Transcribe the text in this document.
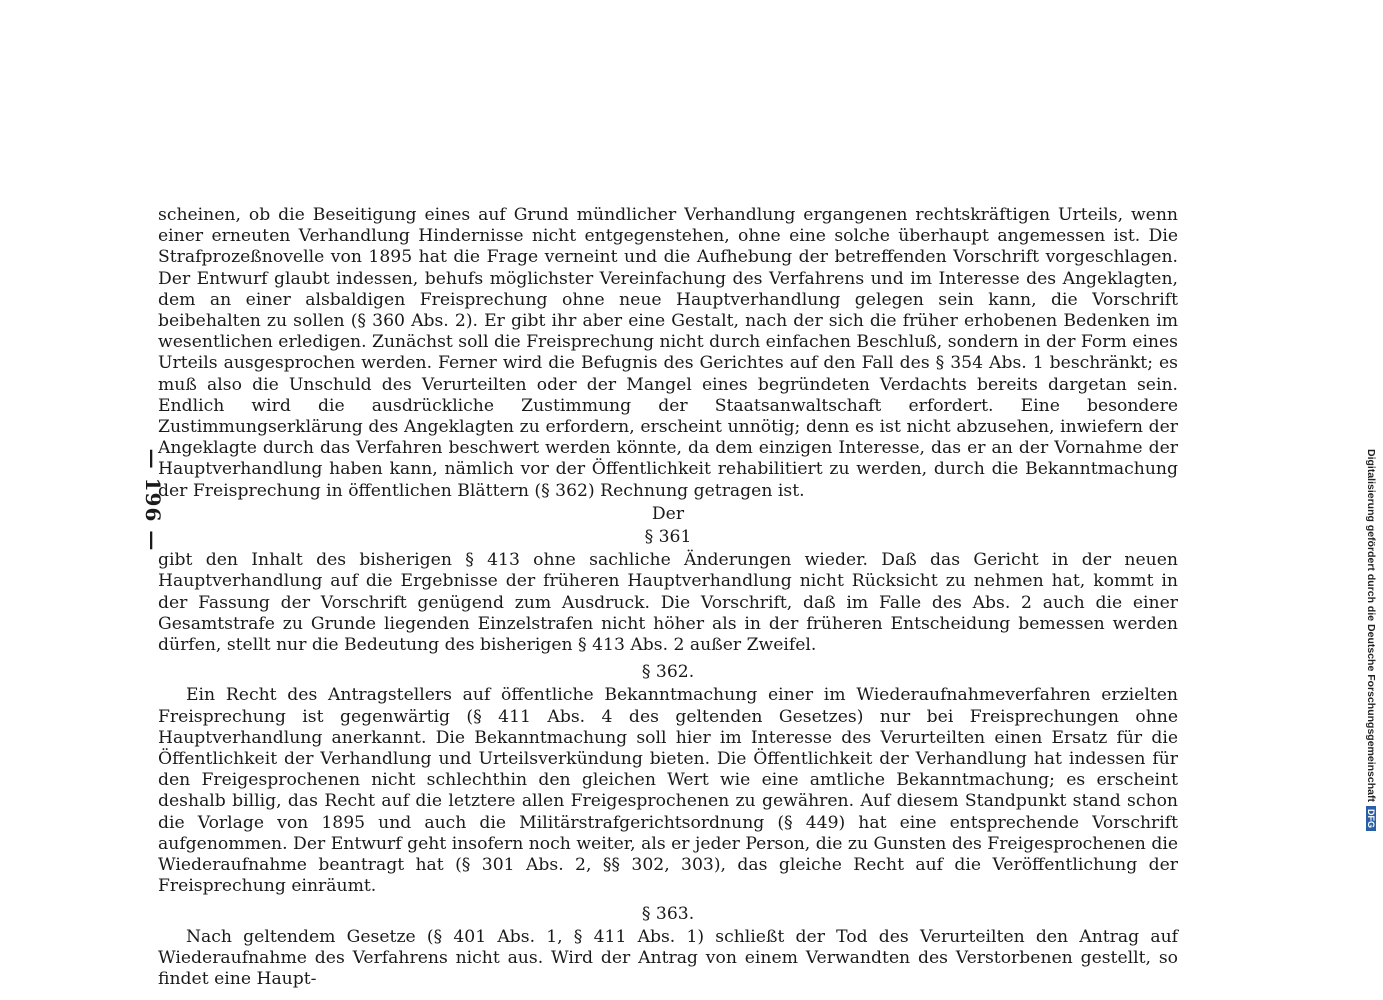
Digitalisierung gefördert durch die Deutsche ForschungsgemeinschaftDFG
— 196 —

scheinen, ob die Beseitigung eines auf Grund mündlicher Verhandlung ergangenen rechtskräftigen Urteils, wenn einer erneuten Verhandlung Hindernisse nicht entgegenstehen, ohne eine solche überhaupt angemessen ist. Die Strafprozeßnovelle von 1895 hat die Frage verneint und die Aufhebung der betreffenden Vorschrift vorgeschlagen. Der Entwurf glaubt indessen, behufs möglichster Vereinfachung des Verfahrens und im Interesse des Angeklagten, dem an einer alsbaldigen Freisprechung ohne neue Hauptverhandlung gelegen sein kann, die Vorschrift beibehalten zu sollen (§ 360 Abs. 2). Er gibt ihr aber eine Gestalt, nach der sich die früher erhobenen Bedenken im wesentlichen erledigen. Zunächst soll die Freisprechung nicht durch einfachen Beschluß, sondern in der Form eines Urteils ausgesprochen werden. Ferner wird die Befugnis des Gerichtes auf den Fall des § 354 Abs. 1 beschränkt; es muß also die Unschuld des Verurteilten oder der Mangel eines begründeten Verdachts bereits dargetan sein. Endlich wird die ausdrückliche Zustimmung der Staatsanwaltschaft erfordert. Eine besondere Zustimmungserklärung des Angeklagten zu erfordern, erscheint unnötig; denn es ist nicht abzusehen, inwiefern der Angeklagte durch das Verfahren beschwert werden könnte, da dem einzigen Interesse, das er an der Vornahme der Hauptverhandlung haben kann, nämlich vor der Öffentlichkeit rehabilitiert zu werden, durch die Bekanntmachung der Freisprechung in öffentlichen Blättern (§ 362) Rechnung getragen ist.

Der

§ 361

gibt den Inhalt des bisherigen § 413 ohne sachliche Änderungen wieder. Daß das Gericht in der neuen Hauptverhandlung auf die Ergebnisse der früheren Hauptverhandlung nicht Rücksicht zu nehmen hat, kommt in der Fassung der Vorschrift genügend zum Ausdruck. Die Vorschrift, daß im Falle des Abs. 2 auch die einer Gesamtstrafe zu Grunde liegenden Einzelstrafen nicht höher als in der früheren Entscheidung bemessen werden dürfen, stellt nur die Bedeutung des bisherigen § 413 Abs. 2 außer Zweifel.

§ 362.

Ein Recht des Antragstellers auf öffentliche Bekanntmachung einer im Wiederaufnahmeverfahren erzielten Freisprechung ist gegenwärtig (§ 411 Abs. 4 des geltenden Gesetzes) nur bei Freisprechungen ohne Hauptverhandlung anerkannt. Die Bekanntmachung soll hier im Interesse des Verurteilten einen Ersatz für die Öffentlichkeit der Verhandlung und Urteilsverkündung bieten. Die Öffentlichkeit der Verhandlung hat indessen für den Freigesprochenen nicht schlechthin den gleichen Wert wie eine amtliche Bekanntmachung; es erscheint deshalb billig, das Recht auf die letztere allen Freigesprochenen zu gewähren. Auf diesem Standpunkt stand schon die Vorlage von 1895 und auch die Militärstrafgerichtsordnung (§ 449) hat eine entsprechende Vorschrift aufgenommen. Der Entwurf geht insofern noch weiter, als er jeder Person, die zu Gunsten des Freigesprochenen die Wiederaufnahme beantragt hat (§ 301 Abs. 2, §§ 302, 303), das gleiche Recht auf die Veröffentlichung der Freisprechung einräumt.

§ 363.

Nach geltendem Gesetze (§ 401 Abs. 1, § 411 Abs. 1) schließt der Tod des Verurteilten den Antrag auf Wiederaufnahme des Verfahrens nicht aus. Wird der Antrag von einem Verwandten des Verstorbenen gestellt, so findet eine Haupt-
